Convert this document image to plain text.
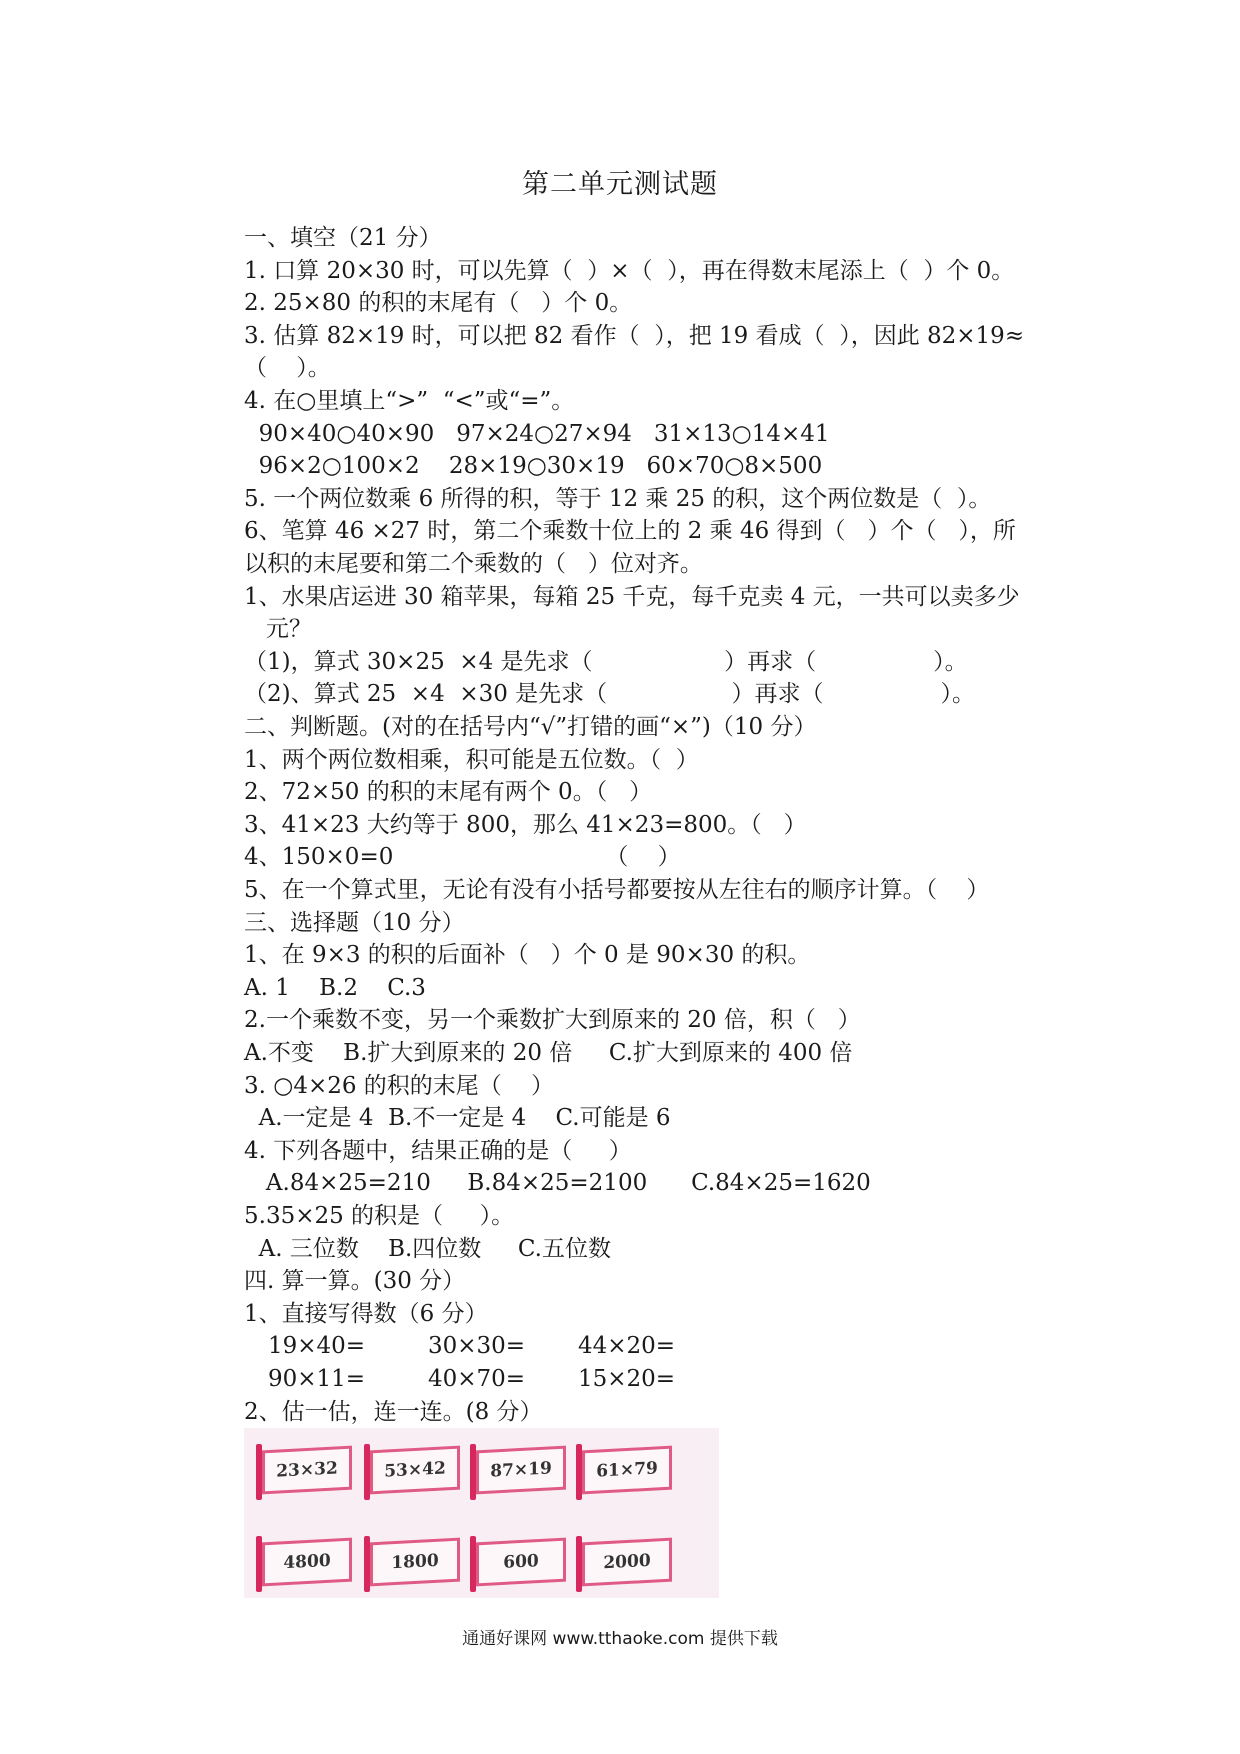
第二单元测试题
一、填空（21 分）
1. 口算 20×30 时，可以先算（  ）×（  ），再在得数末尾添上（  ）个 0。
2. 25×80 的积的末尾有（   ）个 0。
3. 估算 82×19 时，可以把 82 看作（  ），把 19 看成（  ），因此 82×19≈
（    ）。
4. 在○里填上“>”  “<”或“=”。
90×40○40×90   97×24○27×94   31×13○14×41
96×2○100×2    28×19○30×19   60×70○8×500
5. 一个两位数乘 6 所得的积，等于 12 乘 25 的积，这个两位数是（  ）。
6、笔算 46 ×27 时，第二个乘数十位上的 2 乘 46 得到（   ）个（   ），所
以积的末尾要和第二个乘数的（   ）位对齐。
1、水果店运进 30 箱苹果，每箱 25 千克，每千克卖 4 元，一共可以卖多少
元？
（1)，算式 30×25  ×4 是先求（                  ）再求（                ）。
（2)、算式 25  ×4  ×30 是先求（                 ）再求（                ）。
二、判断题。(对的在括号内“√”打错的画“×”)（10 分）
1、两个两位数相乘，积可能是五位数。（  ）
2、72×50 的积的末尾有两个 0。（   ）
3、41×23 大约等于 800，那么 41×23=800。（   ）
4、150×0=0                             （    ）
5、在一个算式里，无论有没有小括号都要按从左往右的顺序计算。（    ）
三、选择题（10 分）
1、在 9×3 的积的后面补（   ）个 0 是 90×30 的积。
A. 1    B.2    C.3
2.一个乘数不变，另一个乘数扩大到原来的 20 倍，积（   ）
A.不变    B.扩大到原来的 20 倍     C.扩大到原来的 400 倍
3. ○4×26 的积的末尾（    ）
A.一定是 4  B.不一定是 4    C.可能是 6
4. 下列各题中，结果正确的是（     ）
A.84×25=210     B.84×25=2100      C.84×25=1620
5.35×25 的积是（     ）。
A. 三位数    B.四位数     C.五位数
四. 算一算。(30 分）
1、直接写得数（6 分）
19×40=	30×30= 44×20=
90×11=	40×70= 15×20=
2、估一估，连一连。(8 分）
23×32	53×42	87×19	61×79
4800	1800	600	2000
通通好课网 www.tthaoke.com 提供下载
